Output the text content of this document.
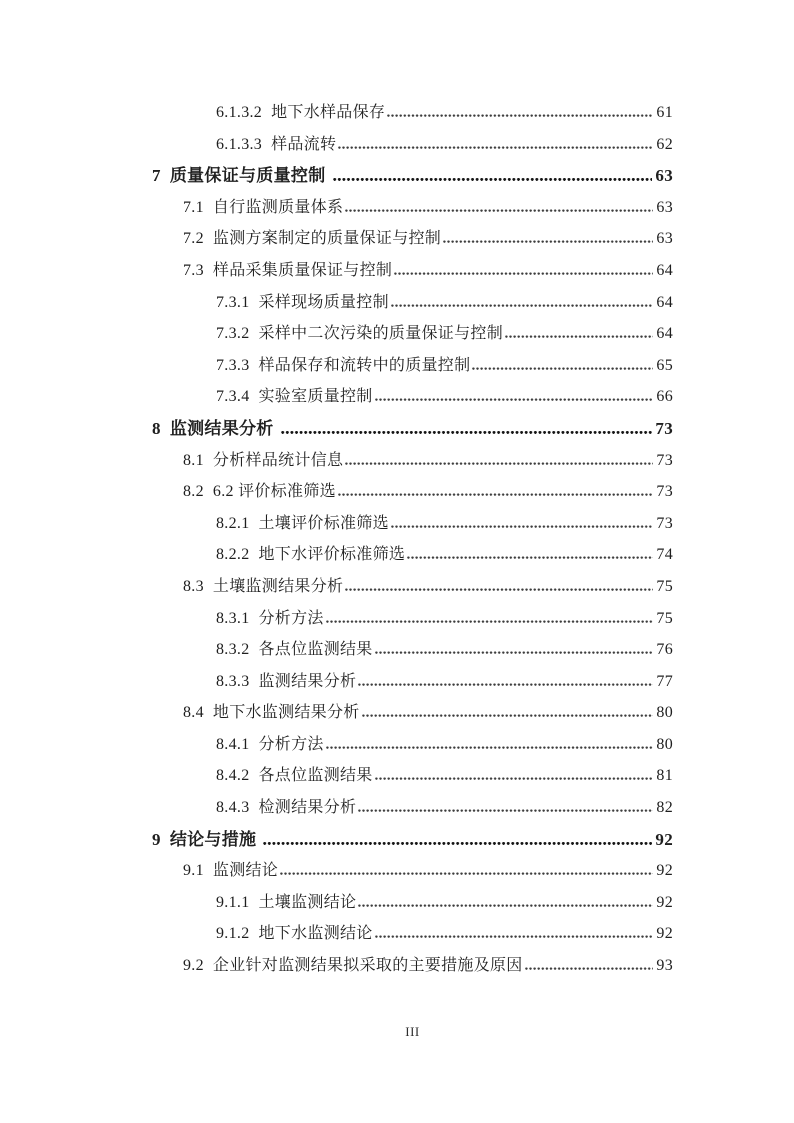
6.1.3.2 地下水样品保存	61
6.1.3.3 样品流转	62
7 质量保证与质量控制	63
7.1 自行监测质量体系	63
7.2 监测方案制定的质量保证与控制	63
7.3 样品采集质量保证与控制	64
7.3.1 采样现场质量控制	64
7.3.2 采样中二次污染的质量保证与控制	64
7.3.3 样品保存和流转中的质量控制	65
7.3.4 实验室质量控制	66
8 监测结果分析	73
8.1 分析样品统计信息	73
8.2 6.2 评价标准筛选	73
8.2.1 土壤评价标准筛选	73
8.2.2 地下水评价标准筛选	74
8.3 土壤监测结果分析	75
8.3.1 分析方法	75
8.3.2 各点位监测结果	76
8.3.3 监测结果分析	77
8.4 地下水监测结果分析	80
8.4.1 分析方法	80
8.4.2 各点位监测结果	81
8.4.3 检测结果分析	82
9 结论与措施	92
9.1 监测结论	92
9.1.1 土壤监测结论	92
9.1.2 地下水监测结论	92
9.2 企业针对监测结果拟采取的主要措施及原因	93
III
